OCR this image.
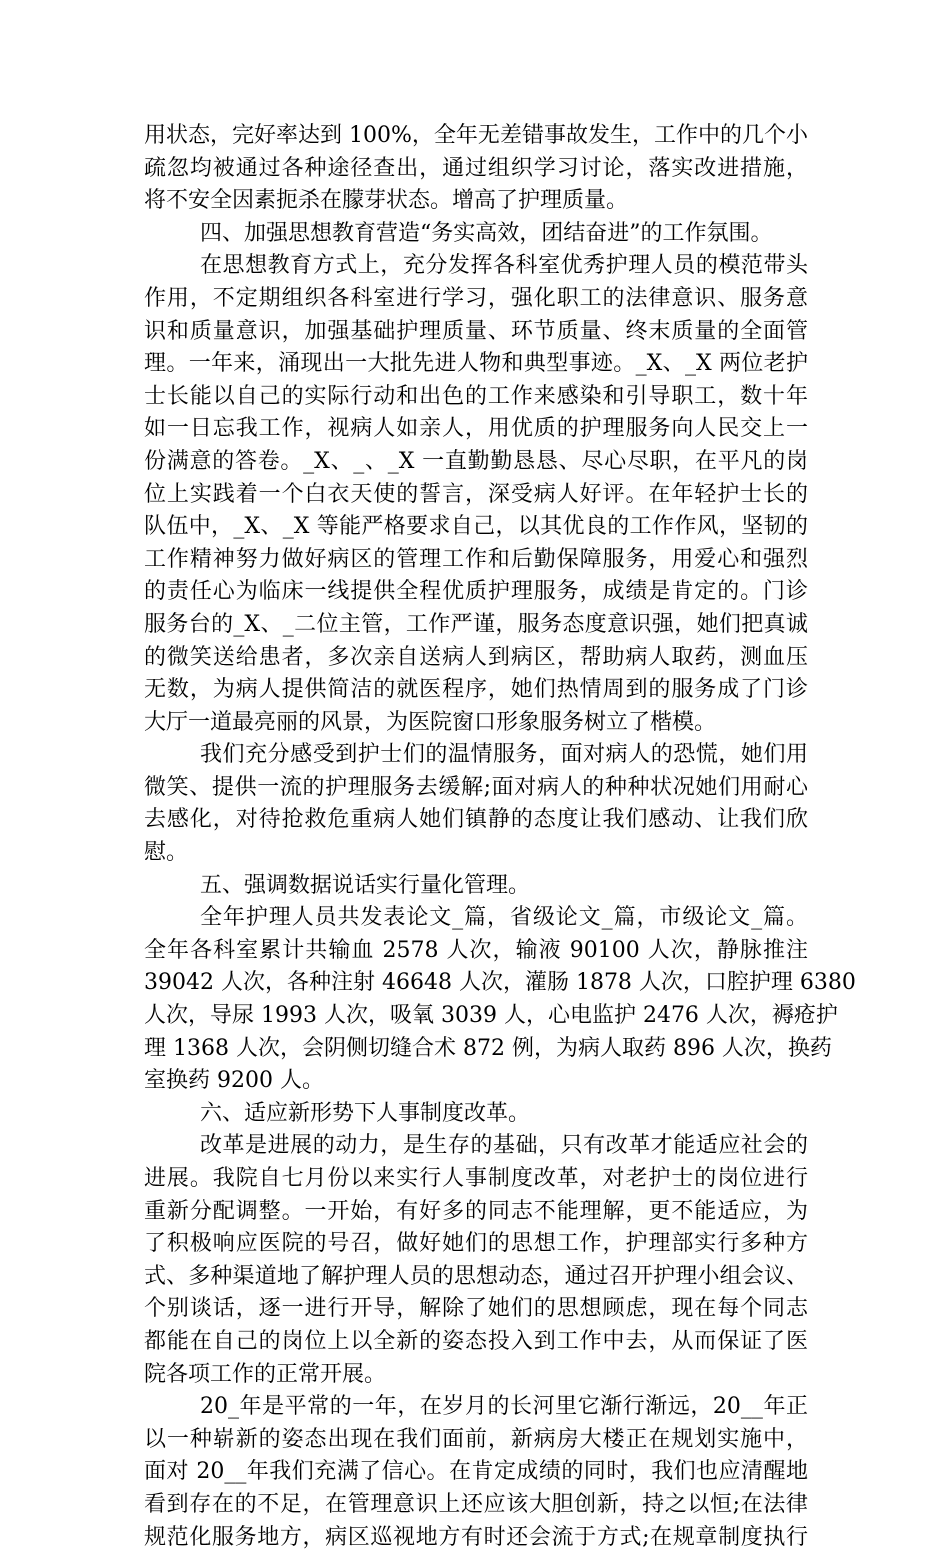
用状态，完好率达到 100%，全年无差错事故发生，工作中的几个小
疏忽均被通过各种途径查出，通过组织学习讨论，落实改进措施，
将不安全因素扼杀在朦芽状态。增高了护理质量。
四、加强思想教育营造“务实高效，团结奋进”的工作氛围。
在思想教育方式上，充分发挥各科室优秀护理人员的模范带头
作用，不定期组织各科室进行学习，强化职工的法律意识、服务意
识和质量意识，加强基础护理质量、环节质量、终末质量的全面管
理。一年来，涌现出一大批先进人物和典型事迹。_X、_X 两位老护
士长能以自己的实际行动和出色的工作来感染和引导职工，数十年
如一日忘我工作，视病人如亲人，用优质的护理服务向人民交上一
份满意的答卷。_X、_、_X 一直勤勤恳恳、尽心尽职，在平凡的岗
位上实践着一个白衣天使的誓言，深受病人好评。在年轻护士长的
队伍中，_X、_X 等能严格要求自己，以其优良的工作作风，坚韧的
工作精神努力做好病区的管理工作和后勤保障服务，用爱心和强烈
的责任心为临床一线提供全程优质护理服务，成绩是肯定的。门诊
服务台的_X、_二位主管，工作严谨，服务态度意识强，她们把真诚
的微笑送给患者，多次亲自送病人到病区，帮助病人取药，测血压
无数，为病人提供简洁的就医程序，她们热情周到的服务成了门诊
大厅一道最亮丽的风景，为医院窗口形象服务树立了楷模。
我们充分感受到护士们的温情服务，面对病人的恐慌，她们用
微笑、提供一流的护理服务去缓解;面对病人的种种状况她们用耐心
去感化，对待抢救危重病人她们镇静的态度让我们感动、让我们欣
慰。
五、强调数据说话实行量化管理。
全年护理人员共发表论文_篇，省级论文_篇，市级论文_篇。
全年各科室累计共输血 2578 人次，输液 90100 人次，静脉推注
39042 人次，各种注射 46648 人次，灌肠 1878 人次，口腔护理 6380
人次，导尿 1993 人次，吸氧 3039 人，心电监护 2476 人次，褥疮护
理 1368 人次，会阴侧切缝合术 872 例，为病人取药 896 人次，换药
室换药 9200 人。
六、适应新形势下人事制度改革。
改革是进展的动力，是生存的基础，只有改革才能适应社会的
进展。我院自七月份以来实行人事制度改革，对老护士的岗位进行
重新分配调整。一开始，有好多的同志不能理解，更不能适应，为
了积极响应医院的号召，做好她们的思想工作，护理部实行多种方
式、多种渠道地了解护理人员的思想动态，通过召开护理小组会议、
个别谈话，逐一进行开导，解除了她们的思想顾虑，现在每个同志
都能在自己的岗位上以全新的姿态投入到工作中去，从而保证了医
院各项工作的正常开展。
20_年是平常的一年，在岁月的长河里它渐行渐远，20__年正
以一种崭新的姿态出现在我们面前，新病房大楼正在规划实施中，
面对 20__年我们充满了信心。在肯定成绩的同时，我们也应清醒地
看到存在的不足，在管理意识上还应该大胆创新，持之以恒;在法律
规范化服务地方，病区巡视地方有时还会流于方式;在规章制度执行
